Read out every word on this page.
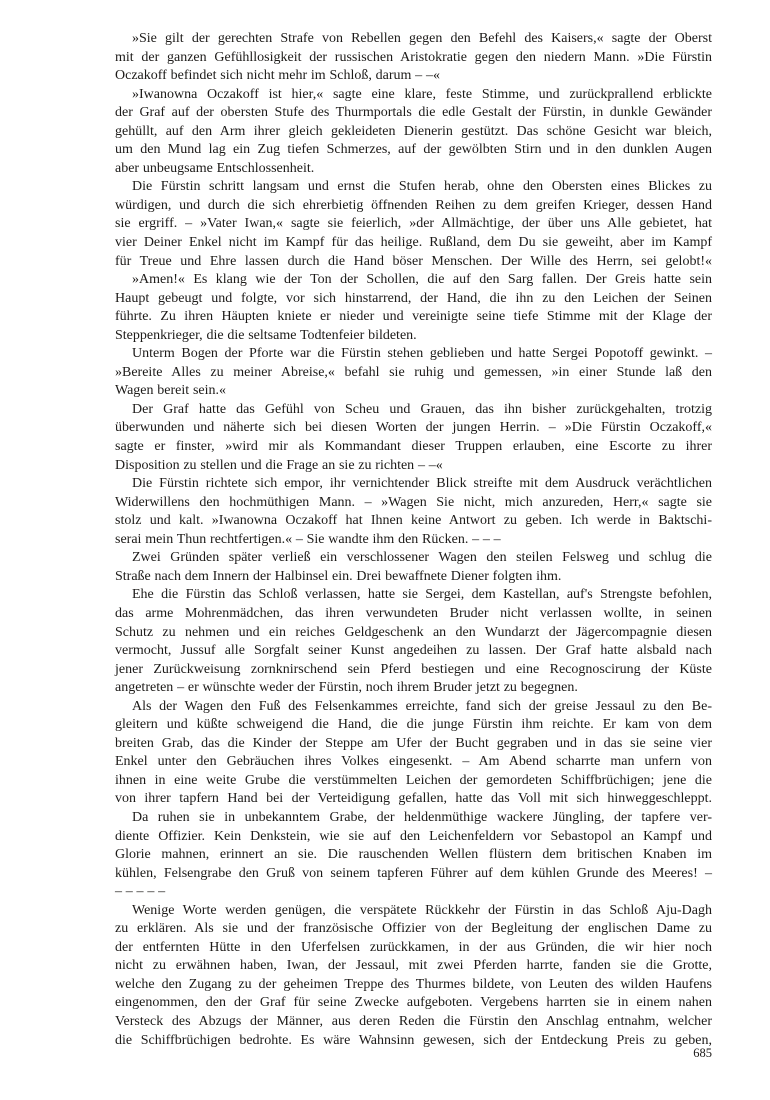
»Sie gilt der gerechten Strafe von Rebellen gegen den Befehl des Kaisers,« sagte der Oberst
mit der ganzen Gefühllosigkeit der russischen Aristokratie gegen den niedern Mann. »Die Fürstin
Oczakoff befindet sich nicht mehr im Schloß, darum – –«
»Iwanowna Oczakoff ist hier,« sagte eine klare, feste Stimme, und zurückprallend erblickte
der Graf auf der obersten Stufe des Thurmportals die edle Gestalt der Fürstin, in dunkle Gewänder
gehüllt, auf den Arm ihrer gleich gekleideten Dienerin gestützt. Das schöne Gesicht war bleich,
um den Mund lag ein Zug tiefen Schmerzes, auf der gewölbten Stirn und in den dunklen Augen
aber unbeugsame Entschlossenheit.
Die Fürstin schritt langsam und ernst die Stufen herab, ohne den Obersten eines Blickes zu
würdigen, und durch die sich ehrerbietig öffnenden Reihen zu dem greifen Krieger, dessen Hand
sie ergriff. – »Vater Iwan,« sagte sie feierlich, »der Allmächtige, der über uns Alle gebietet, hat
vier Deiner Enkel nicht im Kampf für das heilige. Rußland, dem Du sie geweiht, aber im Kampf
für Treue und Ehre lassen durch die Hand böser Menschen. Der Wille des Herrn, sei gelobt!«
»Amen!« Es klang wie der Ton der Schollen, die auf den Sarg fallen. Der Greis hatte sein
Haupt gebeugt und folgte, vor sich hinstarrend, der Hand, die ihn zu den Leichen der Seinen
führte. Zu ihren Häupten kniete er nieder und vereinigte seine tiefe Stimme mit der Klage der
Steppenkrieger, die die seltsame Todtenfeier bildeten.
Unterm Bogen der Pforte war die Fürstin stehen geblieben und hatte Sergei Popotoff gewinkt. –
»Bereite Alles zu meiner Abreise,« befahl sie ruhig und gemessen, »in einer Stunde laß den
Wagen bereit sein.«
Der Graf hatte das Gefühl von Scheu und Grauen, das ihn bisher zurückgehalten, trotzig
überwunden und näherte sich bei diesen Worten der jungen Herrin. – »Die Fürstin Oczakoff,«
sagte er finster, »wird mir als Kommandant dieser Truppen erlauben, eine Escorte zu ihrer
Disposition zu stellen und die Frage an sie zu richten – –«
Die Fürstin richtete sich empor, ihr vernichtender Blick streifte mit dem Ausdruck verächtlichen
Widerwillens den hochmüthigen Mann. – »Wagen Sie nicht, mich anzureden, Herr,« sagte sie
stolz und kalt. »Iwanowna Oczakoff hat Ihnen keine Antwort zu geben. Ich werde in Baktschi-
serai mein Thun rechtfertigen.« – Sie wandte ihm den Rücken. – – –
Zwei Gründen später verließ ein verschlossener Wagen den steilen Felsweg und schlug die
Straße nach dem Innern der Halbinsel ein. Drei bewaffnete Diener folgten ihm.
Ehe die Fürstin das Schloß verlassen, hatte sie Sergei, dem Kastellan, auf's Strengste befohlen,
das arme Mohrenmädchen, das ihren verwundeten Bruder nicht verlassen wollte, in seinen
Schutz zu nehmen und ein reiches Geldgeschenk an den Wundarzt der Jägercompagnie diesen
vermocht, Jussuf alle Sorgfalt seiner Kunst angedeihen zu lassen. Der Graf hatte alsbald nach
jener Zurückweisung zornknirschend sein Pferd bestiegen und eine Recognoscirung der Küste
angetreten – er wünschte weder der Fürstin, noch ihrem Bruder jetzt zu begegnen.
Als der Wagen den Fuß des Felsenkammes erreichte, fand sich der greise Jessaul zu den Be-
gleitern und küßte schweigend die Hand, die die junge Fürstin ihm reichte. Er kam von dem
breiten Grab, das die Kinder der Steppe am Ufer der Bucht gegraben und in das sie seine vier
Enkel unter den Gebräuchen ihres Volkes eingesenkt. – Am Abend scharrte man unfern von
ihnen in eine weite Grube die verstümmelten Leichen der gemordeten Schiffbrüchigen; jene die
von ihrer tapfern Hand bei der Verteidigung gefallen, hatte das Voll mit sich hinweggeschleppt.
Da ruhen sie in unbekanntem Grabe, der heldenmüthige wackere Jüngling, der tapfere ver-
diente Offizier. Kein Denkstein, wie sie auf den Leichenfeldern vor Sebastopol an Kampf und
Glorie mahnen, erinnert an sie. Die rauschenden Wellen flüstern dem britischen Knaben im
kühlen, Felsengrabe den Gruß von seinem tapferen Führer auf dem kühlen Grunde des Meeres! –
– – – – –
Wenige Worte werden genügen, die verspätete Rückkehr der Fürstin in das Schloß Aju-Dagh
zu erklären. Als sie und der französische Offizier von der Begleitung der englischen Dame zu
der entfernten Hütte in den Uferfelsen zurückkamen, in der aus Gründen, die wir hier noch
nicht zu erwähnen haben, Iwan, der Jessaul, mit zwei Pferden harrte, fanden sie die Grotte,
welche den Zugang zu der geheimen Treppe des Thurmes bildete, von Leuten des wilden Haufens
eingenommen, den der Graf für seine Zwecke aufgeboten. Vergebens harrten sie in einem nahen
Versteck des Abzugs der Männer, aus deren Reden die Fürstin den Anschlag entnahm, welcher
die Schiffbrüchigen bedrohte. Es wäre Wahnsinn gewesen, sich der Entdeckung Preis zu geben,
685
